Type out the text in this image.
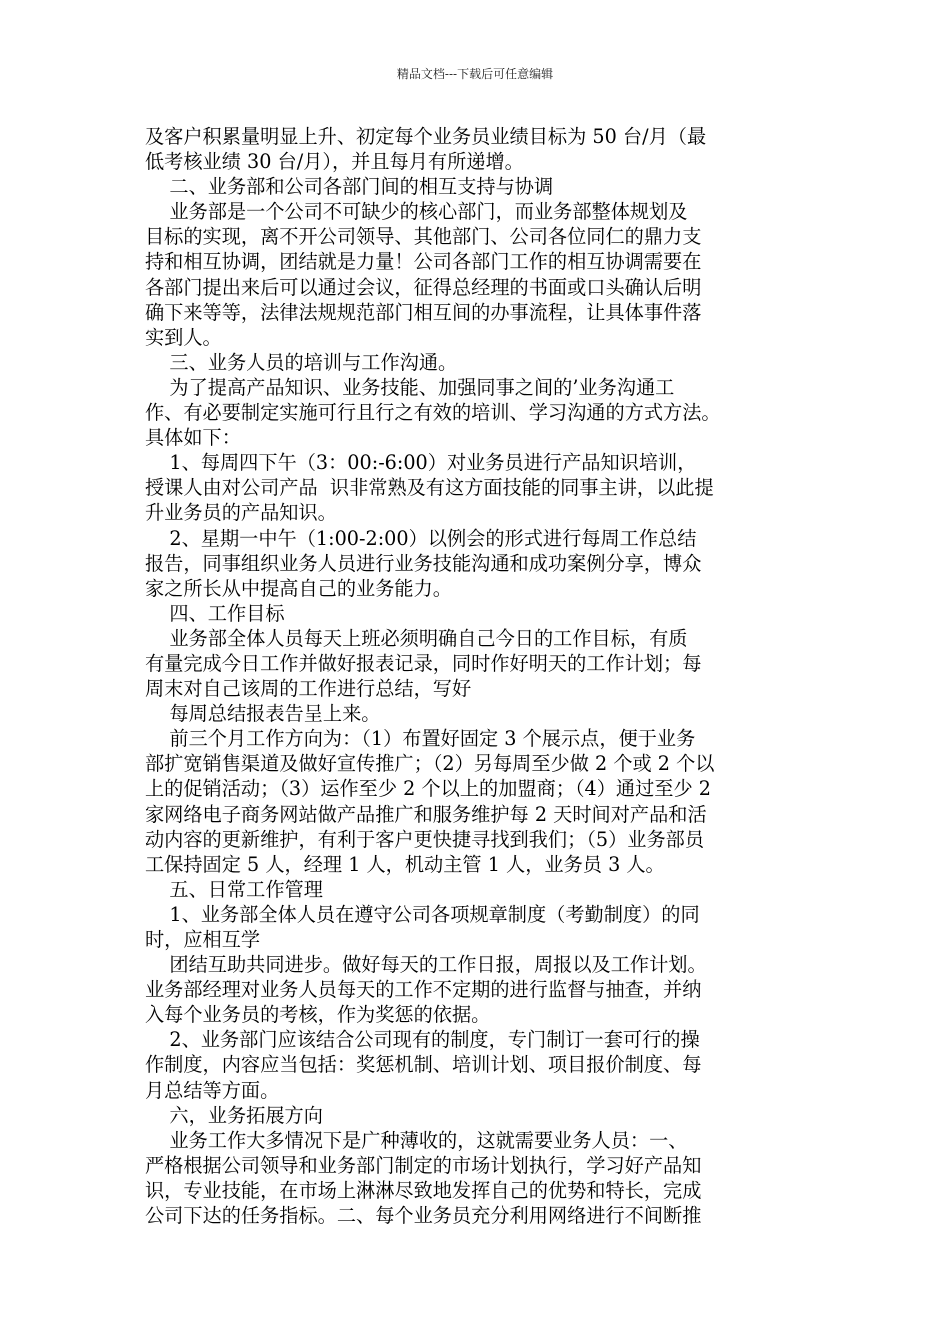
精品文档---下载后可任意编辑
及客户积累量明显上升、初定每个业务员业绩目标为 50 台/月（最
低考核业绩 30 台/月），并且每月有所递增。
二、业务部和公司各部门间的相互支持与协调
业务部是一个公司不可缺少的核心部门，而业务部整体规划及
目标的实现，离不开公司领导、其他部门、公司各位同仁的鼎力支
持和相互协调，团结就是力量！公司各部门工作的相互协调需要在
各部门提出来后可以通过会议，征得总经理的书面或口头确认后明
确下来等等，法律法规规范部门相互间的办事流程，让具体事件落
实到人。
三、业务人员的培训与工作沟通。
为了提高产品知识、业务技能、加强同事之间的’业务沟通工
作、有必要制定实施可行且行之有效的培训、学习沟通的方式方法。
具体如下：
1、每周四下午（3：00:-6:00）对业务员进行产品知识培训，
授课人由对公司产品  识非常熟及有这方面技能的同事主讲，以此提
升业务员的产品知识。
2、星期一中午（1:00-2:00）以例会的形式进行每周工作总结
报告，同事组织业务人员进行业务技能沟通和成功案例分享，博众
家之所长从中提高自己的业务能力。
四、工作目标
业务部全体人员每天上班必须明确自己今日的工作目标，有质
有量完成今日工作并做好报表记录，同时作好明天的工作计划；每
周末对自己该周的工作进行总结，写好
每周总结报表告呈上来。
前三个月工作方向为：（1）布置好固定 3 个展示点，便于业务
部扩宽销售渠道及做好宣传推广；（2）另每周至少做 2 个或 2 个以
上的促销活动；（3）运作至少 2 个以上的加盟商；（4）通过至少 2
家网络电子商务网站做产品推广和服务维护每 2 天时间对产品和活
动内容的更新维护，有利于客户更快捷寻找到我们；（5）业务部员
工保持固定 5 人，经理 1 人，机动主管 1 人，业务员 3 人。
五、日常工作管理
1、业务部全体人员在遵守公司各项规章制度（考勤制度）的同
时，应相互学
团结互助共同进步。做好每天的工作日报，周报以及工作计划。
业务部经理对业务人员每天的工作不定期的进行监督与抽查，并纳
入每个业务员的考核，作为奖惩的依据。
2、业务部门应该结合公司现有的制度，专门制订一套可行的操
作制度，内容应当包括：奖惩机制、培训计划、项目报价制度、每
月总结等方面。
六，业务拓展方向
业务工作大多情况下是广种薄收的，这就需要业务人员：一、
严格根据公司领导和业务部门制定的市场计划执行，学习好产品知
识，专业技能，在市场上淋淋尽致地发挥自己的优势和特长，完成
公司下达的任务指标。二、每个业务员充分利用网络进行不间断推
